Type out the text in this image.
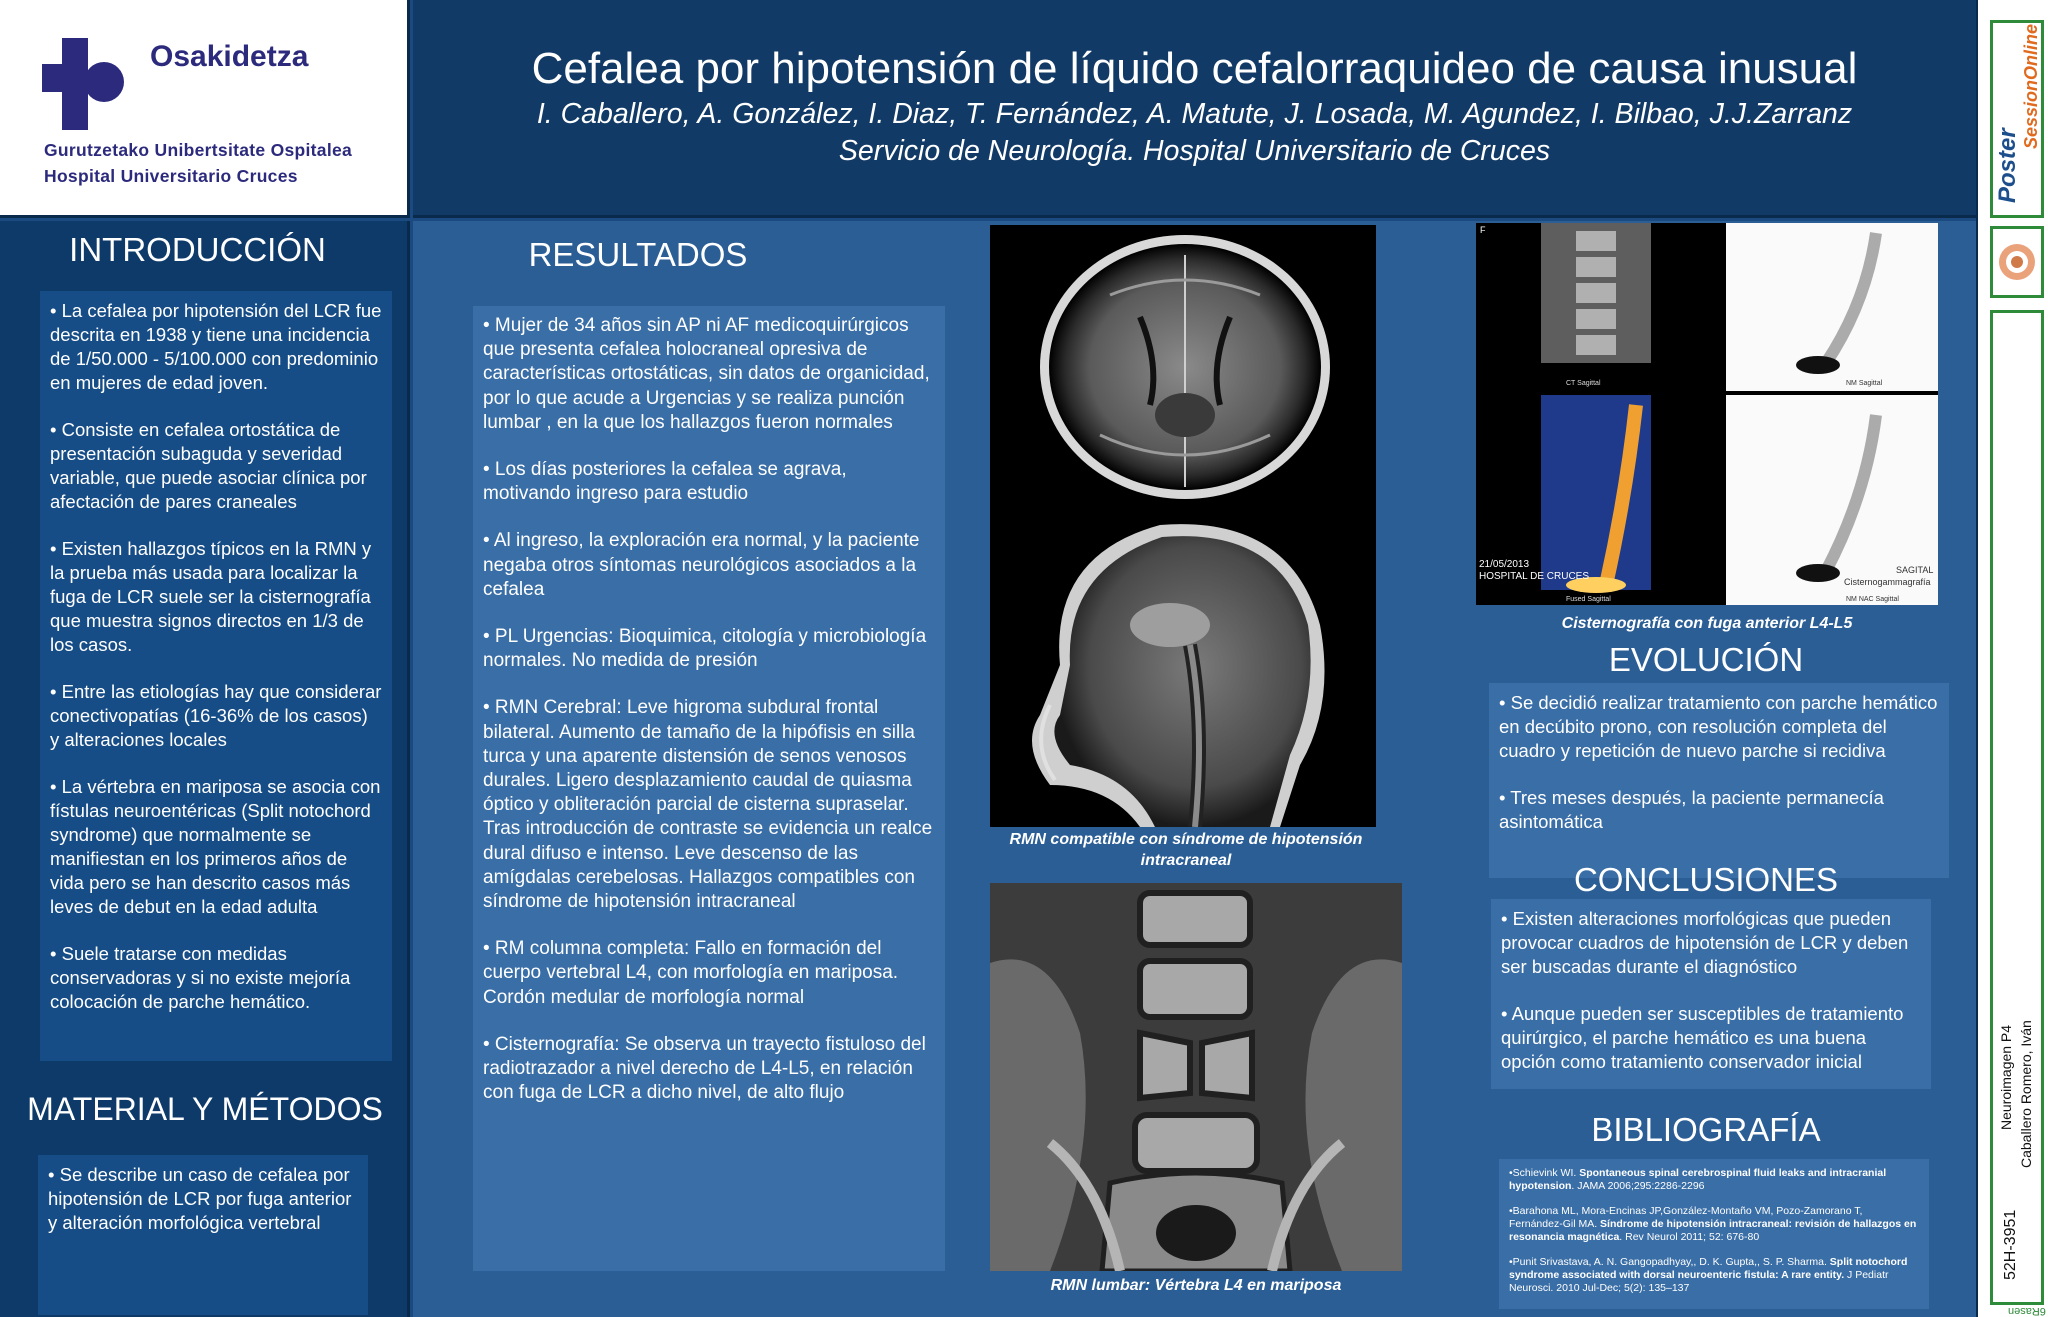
Osakidetza
Gurutzetako Unibertsitate Ospitalea
Hospital Universitario Cruces
Cefalea por hipotensión de líquido cefalorraquideo de causa inusual
I. Caballero, A. González, I. Diaz, T. Fernández, A. Matute, J. Losada, M. Agundez, I. Bilbao, J.J.Zarranz
Servicio de Neurología. Hospital Universitario de Cruces
INTRODUCCIÓN

• La cefalea por hipotensión del LCR fue descrita en 1938 y tiene una incidencia de 1/50.000 - 5/100.000 con predominio en mujeres de edad joven.

• Consiste en cefalea ortostática de presentación subaguda y severidad variable, que puede asociar clínica por afectación de pares craneales

• Existen hallazgos típicos en la RMN y la prueba más usada para localizar la fuga de LCR suele ser la cisternografía que muestra signos directos en 1/3 de los casos.

• Entre las etiologías hay que considerar conectivopatías (16-36% de los casos) y alteraciones locales

• La vértebra en mariposa se asocia con fístulas neuroentéricas (Split notochord syndrome) que normalmente se manifiestan en los primeros años de vida pero se han descrito casos más leves de debut en la edad adulta

• Suele tratarse con medidas conservadoras y si no existe mejoría colocación de parche hemático.

MATERIAL Y MÉTODOS

• Se describe un caso de cefalea por hipotensión de LCR por fuga anterior y alteración morfológica vertebral

RESULTADOS

• Mujer de 34 años sin AP ni AF medicoquirúrgicos que presenta cefalea holocraneal opresiva de características ortostáticas, sin datos de organicidad, por lo que acude a Urgencias y se realiza punción lumbar , en la que los hallazgos fueron normales

• Los días posteriores la cefalea se agrava, motivando ingreso para estudio

• Al ingreso, la exploración era normal, y la paciente negaba otros síntomas neurológicos asociados a la cefalea

• PL Urgencias: Bioquimica, citología y microbiología normales. No medida de presión

• RMN Cerebral: Leve higroma subdural frontal bilateral. Aumento de tamaño de la hipófisis en silla turca y una aparente distensión de senos venosos durales. Ligero desplazamiento caudal de quiasma óptico y obliteración parcial de cisterna supraselar. Tras introducción de contraste se evidencia un realce dural difuso e intenso. Leve descenso de las amígdalas cerebelosas. Hallazgos compatibles con síndrome de hipotensión intracraneal

• RM columna completa: Fallo en formación del cuerpo vertebral L4, con morfología en mariposa. Cordón medular de morfología normal

• Cisternografía: Se observa un trayecto fistuloso del radiotrazador a nivel derecho de L4-L5, en relación con fuga de LCR a dicho nivel, de alto flujo

RMN compatible con síndrome de hipotensión intracraneal
RMN lumbar: Vértebra L4 en mariposa
F
CT Sagittal	NM Sagittal
21/05/2013
HOSPITAL DE CRUCES
Fused Sagittal
SAGITAL
Cisternogammagrafía
NM NAC Sagittal
Cisternografía con fuga anterior L4-L5
EVOLUCIÓN

• Se decidió realizar tratamiento con parche hemático en decúbito prono, con resolución completa del cuadro y repetición de nuevo parche si recidiva

• Tres meses después, la paciente permanecía asintomática

CONCLUSIONES

• Existen alteraciones morfológicas que pueden provocar cuadros de hipotensión de LCR y deben ser buscadas durante el diagnóstico

• Aunque pueden ser susceptibles de tratamiento quirúrgico, el parche hemático es una buena opción como tratamiento conservador inicial

BIBLIOGRAFÍA

•Schievink WI. Spontaneous spinal cerebrospinal fluid leaks and intracranial hypotension. JAMA 2006;295:2286-2296

•Barahona ML, Mora-Encinas JP,González-Montaño VM, Pozo-Zamorano T, Fernández-Gil MA. Síndrome de hipotensión intracraneal: revisión de hallazgos en resonancia magnética. Rev Neurol 2011; 52: 676-80

•Punit Srivastava, A. N. Gangopadhyay,, D. K. Gupta,, S. P. Sharma. Split notochord syndrome associated with dorsal neuroenteric fistula: A rare entity. J Pediatr Neurosci. 2010 Jul-Dec; 5(2): 135–137

Poster
SessionOnline
Neuroimagen P4 Caballero Romero, Iván
52H-3951
6Rasen
